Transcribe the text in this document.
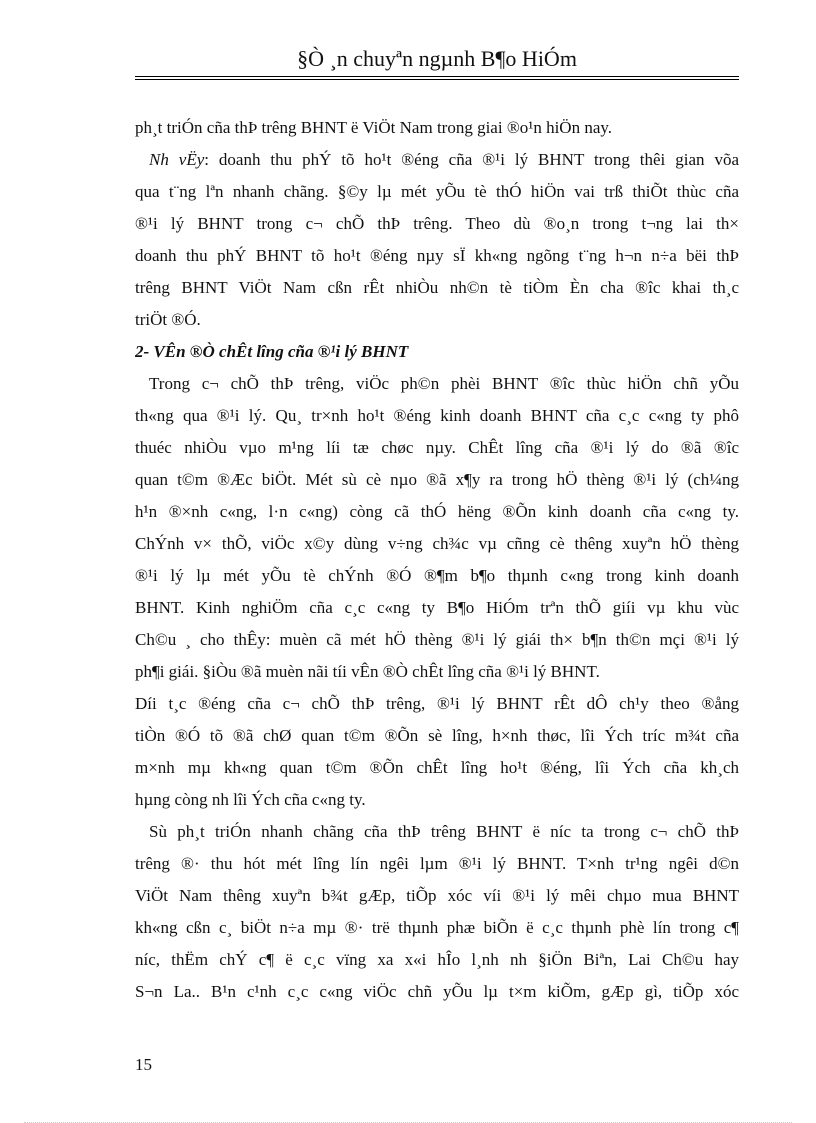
§Ò ¸n chuyªn ngµnh B¶o HiÓm
ph¸t triÓn cña thÞ trêng BHNT ë ViÖt Nam trong giai ®o¹n hiÖn nay.
Nh vËy: doanh thu phÝ tõ ho¹t ®éng cña ®¹i lý BHNT trong thêi gian võa
qua t¨ng lªn nhanh chãng. §©y lµ mét yÕu tè thÓ hiÖn vai trß thiÕt thùc cña
®¹i lý BHNT trong c¬ chÕ thÞ trêng. Theo dù ®o¸n trong t¬ng lai th×
doanh thu phÝ BHNT tõ ho¹t ®éng nµy sÏ kh«ng ngõng t¨ng h¬n n÷a bëi thÞ
trêng BHNT ViÖt Nam cßn rÊt nhiÒu nh©n tè tiÒm Èn cha ®îc khai th¸c
triÖt ®Ó.
2- VÊn ®Ò chÊt lîng cña ®¹i lý BHNT
Trong c¬ chÕ thÞ trêng, viÖc ph©n phèi BHNT ®îc thùc hiÖn chñ yÕu
th«ng qua ®¹i lý. Qu¸ tr×nh ho¹t ®éng kinh doanh BHNT cña c¸c c«ng ty phô
thuéc nhiÒu vµo m¹ng líi tæ chøc nµy. ChÊt lîng cña ®¹i lý do ®ã ®îc
quan t©m ®Æc biÖt. Mét sù cè nµo ®ã x¶y ra trong hÖ thèng ®¹i lý (ch¼ng
h¹n ®×nh c«ng, l·n c«ng) còng cã thÓ hëng ®Õn kinh doanh cña c«ng ty.
ChÝnh v× thÕ, viÖc x©y dùng v÷ng ch¾c vµ cñng cè thêng xuyªn hÖ thèng
®¹i lý lµ mét yÕu tè chÝnh ®Ó ®¶m b¶o thµnh c«ng trong kinh doanh
BHNT. Kinh nghiÖm cña c¸c c«ng ty B¶o HiÓm trªn thÕ giíi vµ khu vùc
Ch©u ¸ cho thÊy: muèn cã mét hÖ thèng ®¹i lý giái th× b¶n th©n mçi ®¹i lý
ph¶i giái. §iÒu ®ã muèn nãi tíi vÊn ®Ò chÊt lîng cña ®¹i lý BHNT.
Díi t¸c ®éng cña c¬ chÕ thÞ trêng, ®¹i lý BHNT rÊt dÔ ch¹y theo ®ång
tiÒn ®Ó tõ ®ã chØ quan t©m ®Õn sè lîng, h×nh thøc, lîi Ých tríc m¾t cña
m×nh mµ kh«ng quan t©m ®Õn chÊt lîng ho¹t ®éng, lîi Ých cña kh¸ch
hµng còng nh lîi Ých cña c«ng ty.
Sù ph¸t triÓn nhanh chãng cña thÞ trêng BHNT ë níc ta trong c¬ chÕ thÞ
trêng ®· thu hót mét lîng lín ngêi lµm ®¹i lý BHNT. T×nh tr¹ng ngêi d©n
ViÖt Nam thêng xuyªn b¾t gÆp, tiÕp xóc víi ®¹i lý mêi chµo mua BHNT
kh«ng cßn c¸ biÖt n÷a mµ ®· trë thµnh phæ biÕn ë c¸c thµnh phè lín trong c¶
níc, thËm chÝ c¶ ë c¸c vïng xa x«i hÎo l¸nh nh §iÖn Biªn, Lai Ch©u hay
S¬n La.. B¹n c¹nh c¸c c«ng viÖc chñ yÕu lµ t×m kiÕm, gÆp gì, tiÕp xóc
15
